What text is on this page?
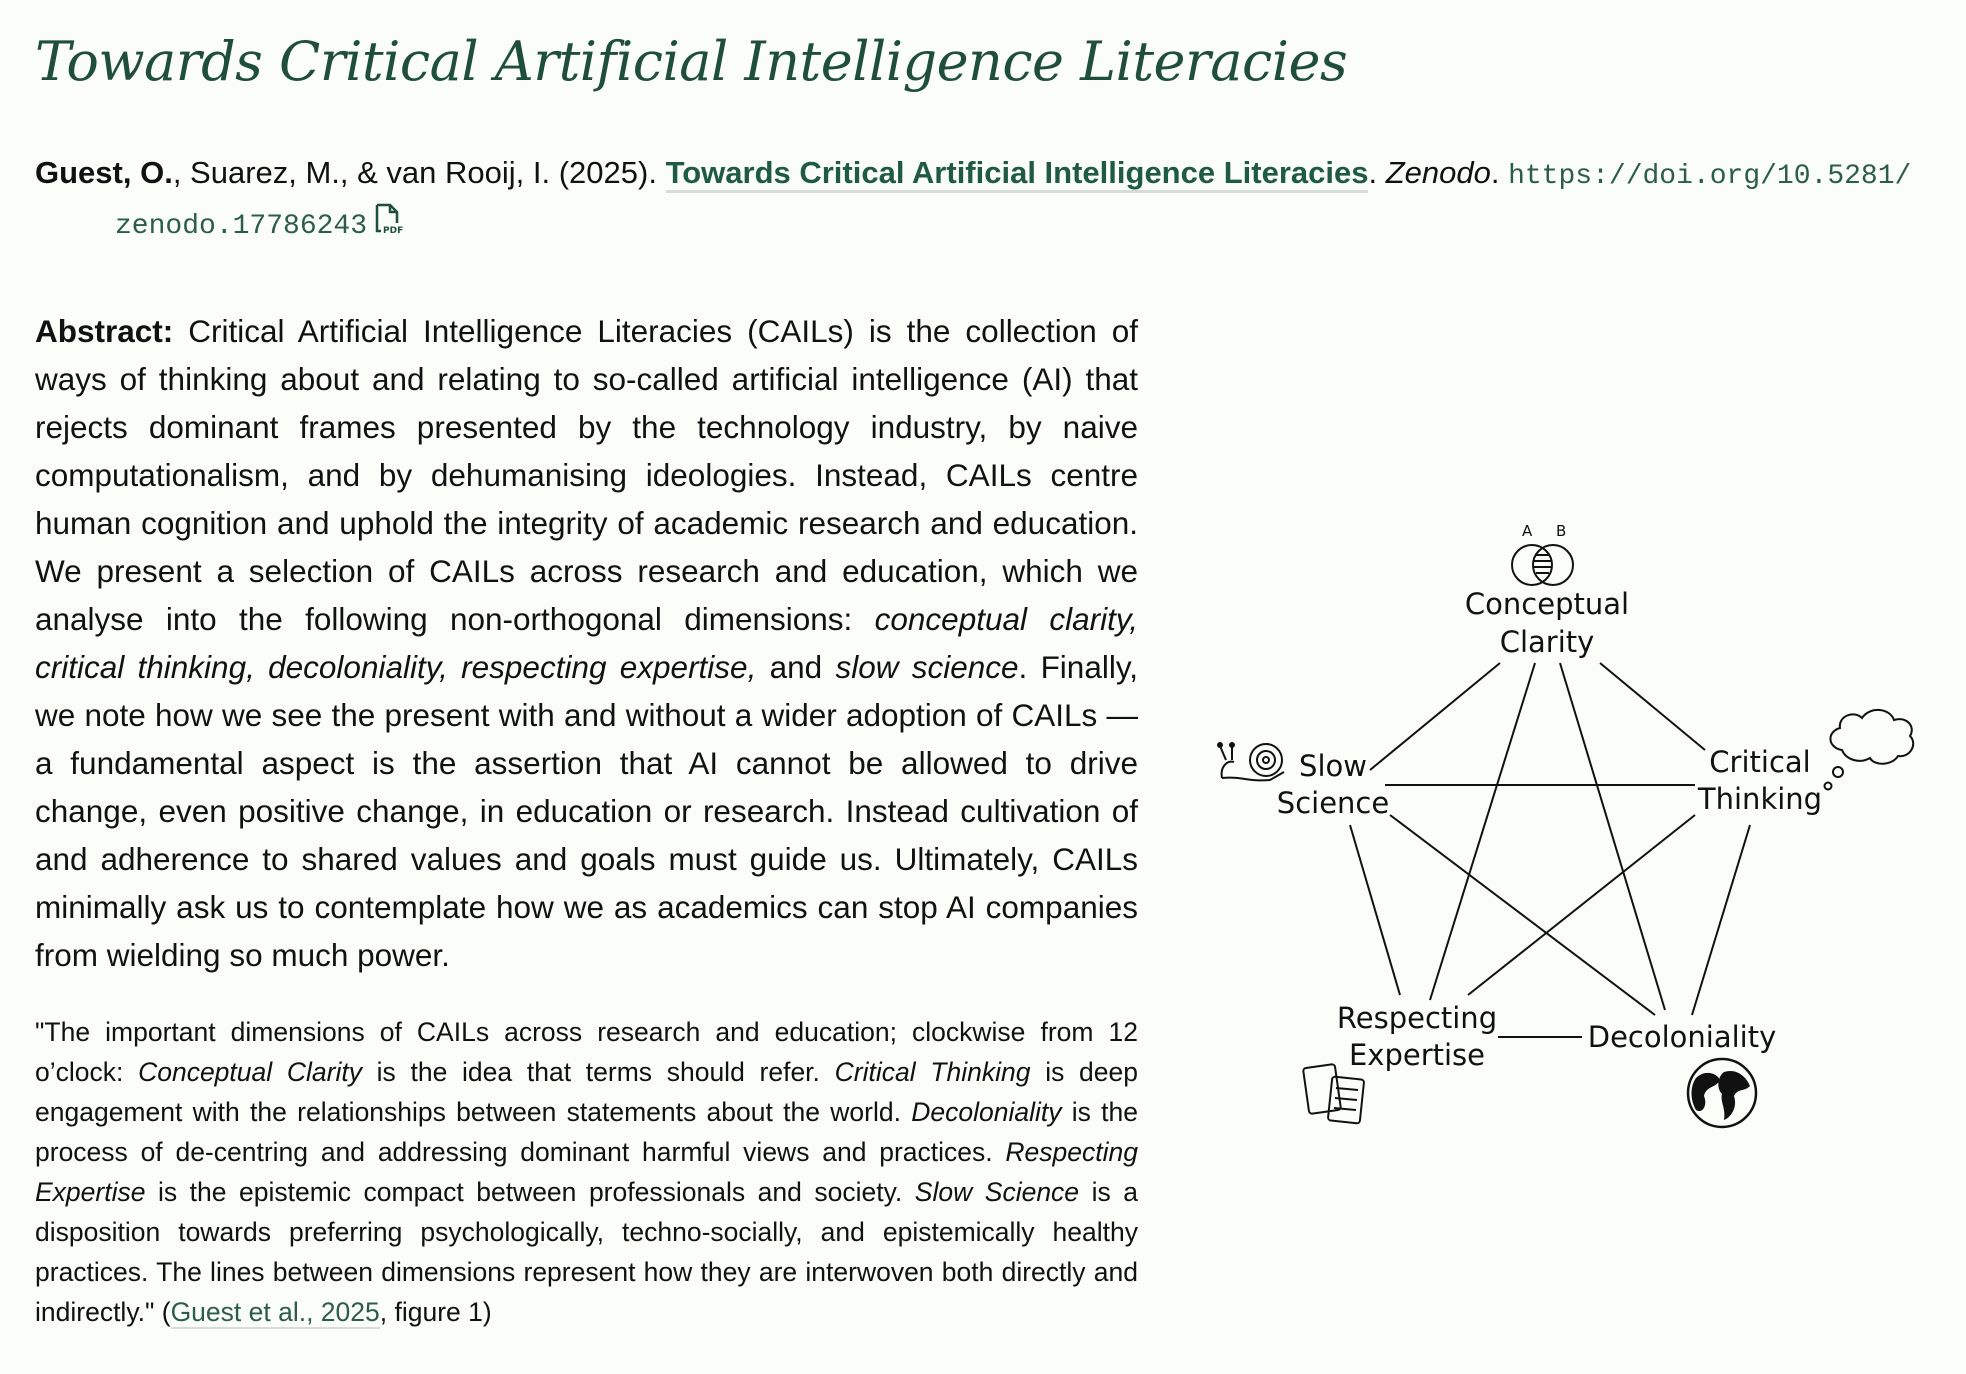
Towards Critical Artificial Intelligence Literacies
Guest, O., Suarez, M., & van Rooij, I. (2025). Towards Critical Artificial Intelligence Literacies. Zenodo. https://doi.org/10.5281/
zenodo.17786243 PDF
Abstract: Critical Artificial Intelligence Literacies (CAILs) is the collection of ways of thinking about and relating to so-called artificial intelligence (AI) that rejects dominant frames presented by the technology industry, by naive computationalism, and by dehumanising ideologies. Instead, CAILs centre human cognition and uphold the integrity of academic research and education. We present a selection of CAILs across research and education, which we analyse into the following non-orthogonal dimensions: conceptual clarity, critical thinking, decoloniality, respecting expertise, and slow science. Finally, we note how we see the present with and without a wider adoption of CAILs — a fundamental aspect is the assertion that AI cannot be allowed to drive change, even positive change, in education or research. Instead cultivation of and adherence to shared values and goals must guide us. Ultimately, CAILs minimally ask us to contemplate how we as academics can stop AI companies from wielding so much power.
"The important dimensions of CAILs across research and education; clockwise from 12 o’clock: Conceptual Clarity is the idea that terms should refer. Critical Thinking is deep engagement with the relationships between statements about the world. Decoloniality is the process of de-centring and addressing dominant harmful views and practices. Respecting Expertise is the epistemic compact between professionals and society. Slow Science is a disposition towards preferring psychologically, techno-socially, and epistemically healthy practices. The lines between dimensions represent how they are interwoven both directly and indirectly." (Guest et al., 2025, figure 1)
A B
Conceptual
Clarity
Critical
Thinking
Decoloniality
Respecting
Expertise
Slow
Science
